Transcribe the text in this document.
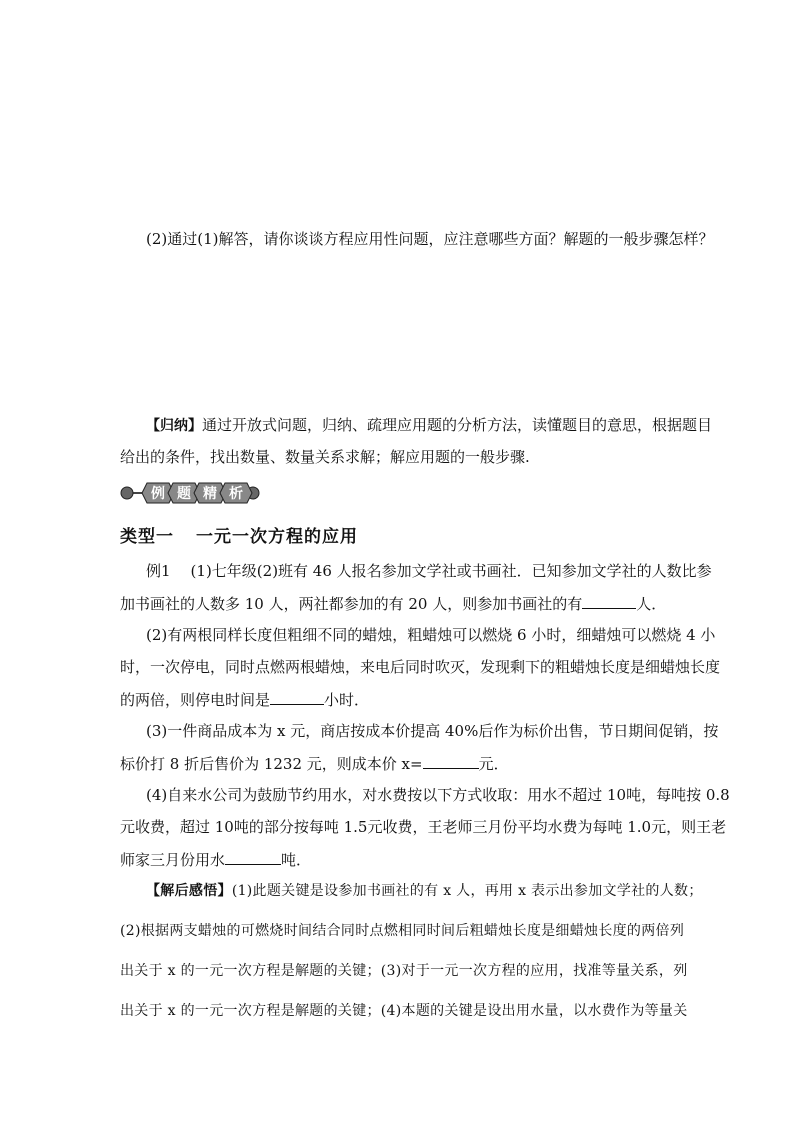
(2)通过(1)解答，请你谈谈方程应用性问题，应注意哪些方面？解题的一般步骤怎样？
【归纳】通过开放式问题，归纳、疏理应用题的分析方法，读懂题目的意思，根据题目
给出的条件，找出数量、数量关系求解；解应用题的一般步骤.
例 题 精 析
类型一 一元一次方程的应用
例1 (1)七年级(2)班有 46 人报名参加文学社或书画社．已知参加文学社的人数比参
加书画社的人数多 10 人，两社都参加的有 20 人，则参加书画社的有	人．
(2)有两根同样长度但粗细不同的蜡烛，粗蜡烛可以燃烧 6 小时，细蜡烛可以燃烧 4 小
时，一次停电，同时点燃两根蜡烛，来电后同时吹灭，发现剩下的粗蜡烛长度是细蜡烛长度
的两倍，则停电时间是	小时．
(3)一件商品成本为 x 元，商店按成本价提高 40%后作为标价出售，节日期间促销，按
标价打 8 折后售价为 1232 元，则成本价 x=	元．
(4)自来水公司为鼓励节约用水，对水费按以下方式收取：用水不超过 10吨，每吨按 0.8
元收费，超过 10吨的部分按每吨 1.5元收费，王老师三月份平均水费为每吨 1.0元，则王老
师家三月份用水	吨．
【解后感悟】(1)此题关键是设参加书画社的有 x 人，再用 x 表示出参加文学社的人数；
(2)根据两支蜡烛的可燃烧时间结合同时点燃相同时间后粗蜡烛长度是细蜡烛长度的两倍列
出关于 x 的一元一次方程是解题的关键；(3)对于一元一次方程的应用，找准等量关系，列
出关于 x 的一元一次方程是解题的关键；(4)本题的关键是设出用水量，以水费作为等量关
